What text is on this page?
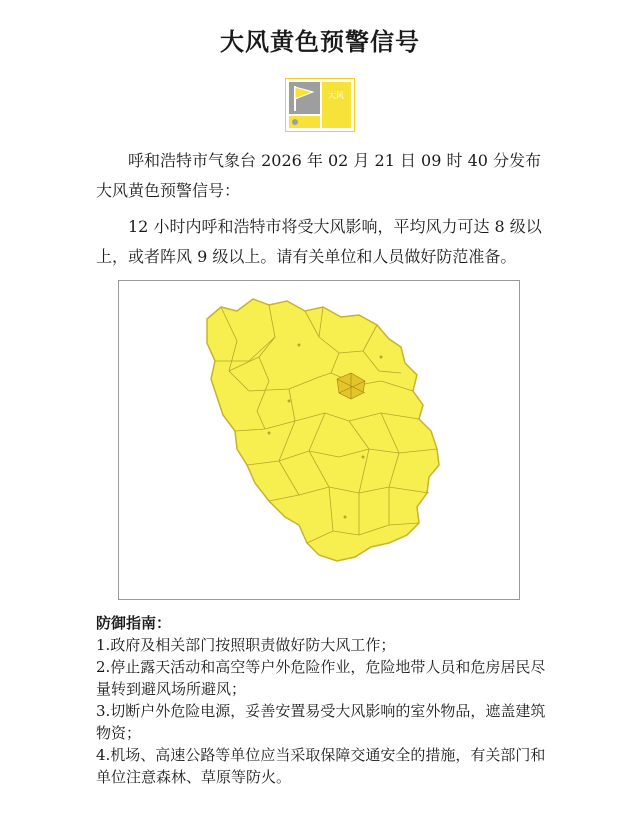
大风黄色预警信号
大风
呼和浩特市气象台 2026 年 02 月 21 日 09 时 40 分发布大风黄色预警信号：
12 小时内呼和浩特市将受大风影响，平均风力可达 8 级以上，或者阵风 9 级以上。请有关单位和人员做好防范准备。
防御指南：
1.政府及相关部门按照职责做好防大风工作；
2.停止露天活动和高空等户外危险作业，危险地带人员和危房居民尽量转到避风场所避风；
3.切断户外危险电源，妥善安置易受大风影响的室外物品，遮盖建筑物资；
4.机场、高速公路等单位应当采取保障交通安全的措施，有关部门和单位注意森林、草原等防火。
